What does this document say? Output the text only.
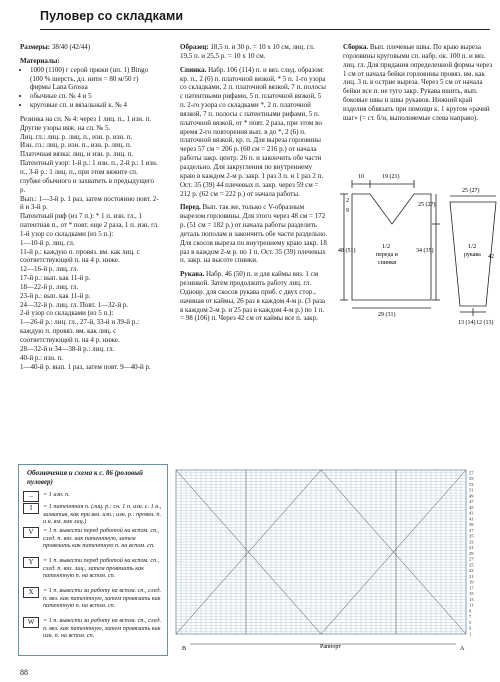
Пуловер со складками

Размеры: 38/40 (42/44)

Материалы:

• 1000 (1100) г серой пряжи (нп. 1) Bingo (100 % шерсть, дл. нити = 80 м/50 г) фирмы Lana Grossa
• обычные сп. № 4 и 5
• круговые сп. и вязальный к. № 4

Резинка на сп. № 4: через 1 лиц. п., 1 изн. п.

Другие узоры вяж. на сп. № 5.

Лиц. гл.: лиц. р. лиц. п., изн. р. изн. п.

Изн. гл.: лиц. р. изн. п., изн. р. лиц. п.

Платочная вязка: лиц. и изн. р. лиц. п.

Патентный узор: 1-й р.: 1 изн. п., 2-й р.: 1 изн. п., 3-й р.: 1 лиц. п., при этом вяжите сп. глубже обычного и захватить в предыдущего р.

Вып.: 1—3-й р. 1 раз, затем постоянно повт. 2-й и 3-й р.

Патентный риф (из 7 п.): * 1 п. изн. гл., 1 патентная п., от * повт. еще 2 раза, 1 п. изн. гл.

1-й узор со складками (из 5 п.):

1—10-й р. лиц. гл.

11-й р.: каждую п. провяз. вм. как лиц. с соответствующей п. на 4 р. ниже.

12—16-й р. лиц. гл.

17-й р.: вып. как 11-й р.

18—22-й р. лиц. гл.

23-й р.: вып. как 11-й р.

24—32-й р. лиц. гл. Повт. 1—32-й р.

2-й узор со складками (из 5 п.):

1—26-й р.: лиц. гл., 27-й, 33-й и 39-й р.: каждую п. провяз. вм. как лиц. с соответствующей п. на 4 р. ниже.

28—32-й и 34—38-й р.: лиц. гл.

40-й р.: изн. п.

1—40-й р. вып. 1 раз, затем повт. 9—40-й р.

Образец: 18,5 п. и 30 р. = 10 х 10 см, лиц. гл. 19,5 п. и 25,5 р. = 10 х 10 см.

Спинка. Набр. 106 (114) п. и вяз. след. образом: кр. п., 2 (6) п. платочной вязкой, * 5 п. 1-го узора со складками, 2 п. платочной вязкой, 7 п. полосы с патентными рифами, 5 п. платочной вязкой, 5 п. 2-го узора со складками *, 2 п. платочной вязкой, 7 п. полосы с патентными рифами, 5 п. платочной вязкой, от * повт. 2 раза, при этом во время 2-го повторения вып. в до *, 2 (6) п. платочной вязкой, кр. п. Для выреза горловины через 57 см = 206 р. (60 см = 216 р.) от начала работы закр. центр. 26 п. и закончить обе части раздельно. Для закругления по внутреннему краю в каждом 2-м р. закр. 1 раз 3 п. и 1 раз 2 п. Ост. 35 (39) 44 плечевых п. закр. через 59 см = 212 р. (62 см = 222 р.) от начала работы.

Перед. Вып. так же, только с V-образным вырезом горловины. Для этого через 48 см = 172 р. (51 см = 182 р.) от начала работы разделить деталь пополам и закончить обе части раздельно. Для скосов выреза по внутреннему краю закр. 18 раз в каждом 2-м р. по 1 п. Ост. 35 (39) плечевых п. закр. на высоте спинки.

Рукава. Набр. 46 (50) п. и для каймы вяз. 1 см резинкой. Затем продолжить работу лиц. гл. Одновр. для скосов рукава приб. с двух стор., начиная от каймы, 26 раз в каждом 4-м р. (3 раза в каждом 2-м р. и 25 раз в каждом 4-м р.) по 1 п. = 98 (106) п. Через 42 см от каймы все п. закр.

Сборка. Вып. плечевые швы. По краю выреза горловины круговыми сп. набр. ок. 100 п. и вяз. лиц. гл. Для придания определенной формы через 1 см от начала бейки горловины провяз. вм. как лиц. 3 п. в острие выреза. Через 5 см от начала бейки все п. не туго закр. Рукава вшить, вып. боковые швы и швы рукавов. Нижний край изделия обвязать при помощи к. 1 кругом «рачий шаг» (= ст. б/н, выполняемые слева направо).

10	19 (21)
2
9
25 (27)
48 (51)	34 (35)
29 (31)
25 (27)
42
13 (14) 12 (13)
1/2
переда и
спинки
1/2
рукава
Обозначения и схема к с. 86 (рoлoвый пуловер)
–	= 1 изн. п.
I	= 1 патентная п. (лиц. р.: сн. 1 п. изн. с. 1 н., захватив, как при вяз. изн.; изн. р.: провяз. п. и н. вм. как лиц.)
V	= 1 п. вывести перед работой на вспом. сп., след. п. вяз. как патентную, затем провязать как патентную п. на вспом. сп.
Y	= 1 п. вывести перед работой на вспом. сп., след. п. вяз. лиц., затем провязать как патентную п. на вспом. сп.
X	= 1 п. вывести за работу на вспом. сп., след. п. вяз. как патентную, затем провязать как патентную п. на вспом. сп.
W	= 1 п. вывести за работу на вспом. сп., след. п. вяз. как патентную, затем провязать как изн. п. на вспом. сп.
57
55
53
51
49
47
45
43
41
39
37
35
33
31
29
27
25
23
21
19
17
15
13
11
9
7
5
3
1
Раппорт
В	А
88
